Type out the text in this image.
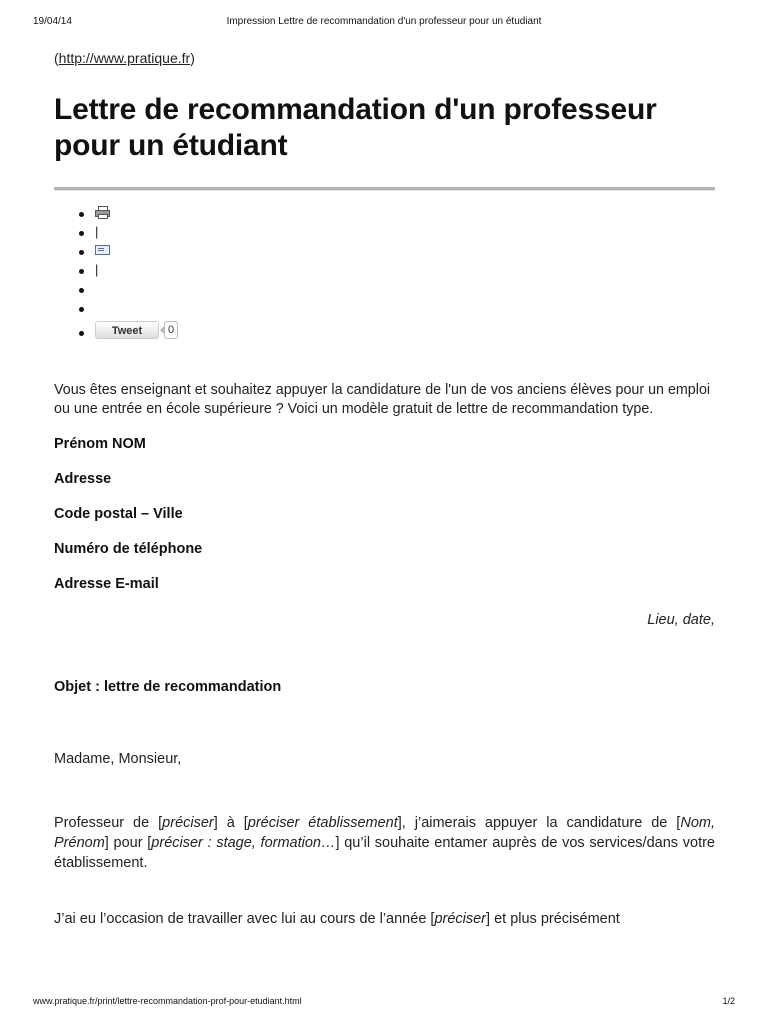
19/04/14	Impression Lettre de recommandation d'un professeur pour un étudiant

(http://www.pratique.fr)

Lettre de recommandation d'un professeur pour un étudiant
|
|
Tweet 0

Vous êtes enseignant et souhaitez appuyer la candidature de l'un de vos anciens élèves pour un emploi ou une entrée en école supérieure ? Voici un modèle gratuit de lettre de recommandation type.

Prénom NOM

Adresse

Code postal – Ville

Numéro de téléphone

Adresse E-mail

Lieu, date,

Objet : lettre de recommandation

Madame, Monsieur,

Professeur de [préciser] à [préciser établissement], j’aimerais appuyer la candidature de [Nom, Prénom] pour [préciser : stage, formation…] qu’il souhaite entamer auprès de vos services/dans votre établissement.

J’ai eu l’occasion de travailler avec lui au cours de l’année [préciser] et plus précisément

www.pratique.fr/print/lettre-recommandation-prof-pour-etudiant.html	1/2
